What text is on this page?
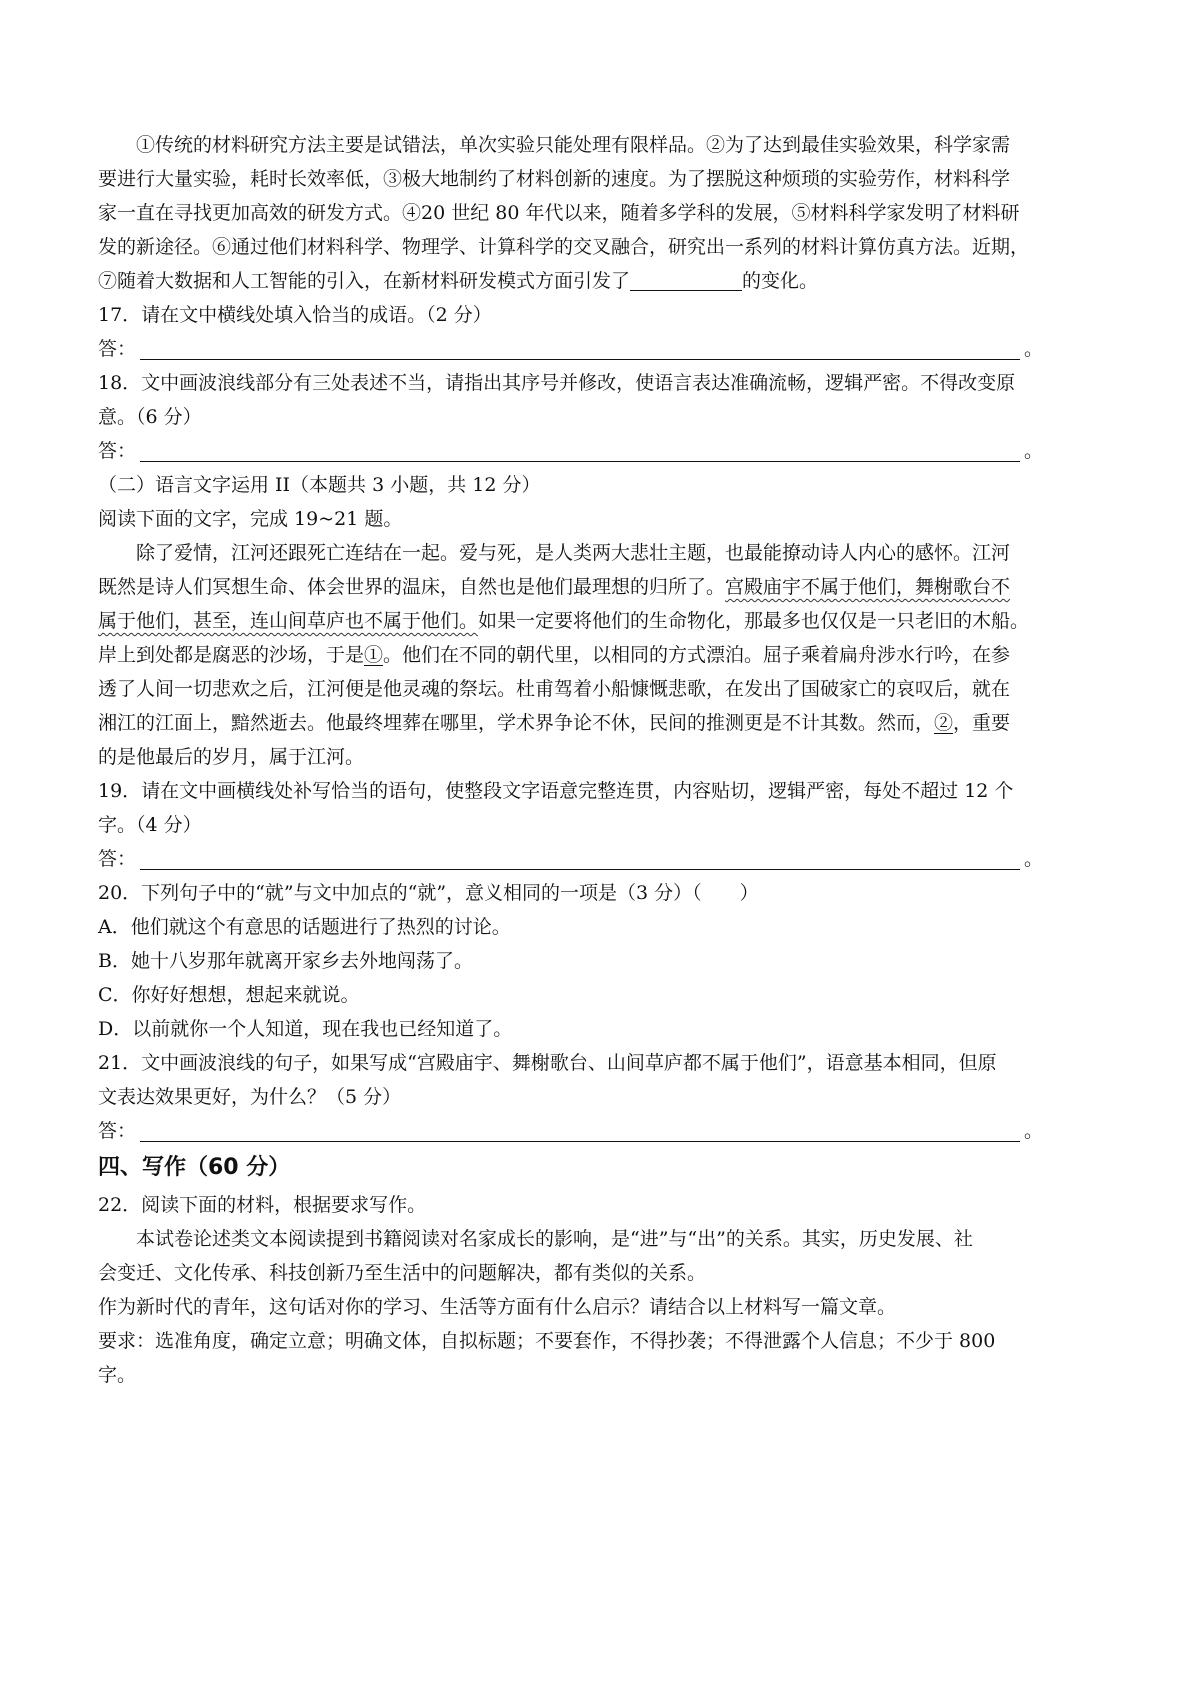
①传统的材料研究方法主要是试错法，单次实验只能处理有限样品。②为了达到最佳实验效果，科学家需
要进行大量实验，耗时长效率低，③极大地制约了材料创新的速度。为了摆脱这种烦琐的实验劳作，材料科学
家一直在寻找更加高效的研发方式。④20 世纪 80 年代以来，随着多学科的发展，⑤材料科学家发明了材料研
发的新途径。⑥通过他们材料科学、物理学、计算科学的交叉融合，研究出一系列的材料计算仿真方法。近期，
⑦随着大数据和人工智能的引入，在新材料研发模式方面引发了	的变化。
17．请在文中横线处填入恰当的成语。（2 分）
答：	。
18．文中画波浪线部分有三处表述不当，请指出其序号并修改，使语言表达准确流畅，逻辑严密。不得改变原
意。（6 分）
答：	。
（二）语言文字运用 II（本题共 3 小题，共 12 分）
阅读下面的文字，完成 19~21 题。
除了爱情，江河还跟死亡连结在一起。爱与死，是人类两大悲壮主题，也最能撩动诗人内心的感怀。江河
既然是诗人们冥想生命、体会世界的温床，自然也是他们最理想的归所了。宫殿庙宇不属于他们，舞榭歌台不
属于他们，甚至，连山间草庐也不属于他们。如果一定要将他们的生命物化，那最多也仅仅是一只老旧的木船。
岸上到处都是腐恶的沙场，于是①。他们在不同的朝代里，以相同的方式漂泊。屈子乘着扁舟涉水行吟，在参
透了人间一切悲欢之后，江河便是他灵魂的祭坛。杜甫驾着小船慷慨悲歌，在发出了国破家亡的哀叹后，就在
湘江的江面上，黯然逝去。他最终埋葬在哪里，学术界争论不休，民间的推测更是不计其数。然而，②，重要
的是他最后的岁月，属于江河。
19．请在文中画横线处补写恰当的语句，使整段文字语意完整连贯，内容贴切，逻辑严密，每处不超过 12 个
字。（4 分）
答：	。
20．下列句子中的“就”与文中加点的“就”，意义相同的一项是（3 分）（　　）
A．他们就这个有意思的话题进行了热烈的讨论。
B．她十八岁那年就离开家乡去外地闯荡了。
C．你好好想想，想起来就说。
D．以前就你一个人知道，现在我也已经知道了。
21．文中画波浪线的句子，如果写成“宫殿庙宇、舞榭歌台、山间草庐都不属于他们”，语意基本相同，但原
文表达效果更好，为什么？（5 分）
答：	。
四、写作（60 分）
22．阅读下面的材料，根据要求写作。
本试卷论述类文本阅读提到书籍阅读对名家成长的影响，是“进”与“出”的关系。其实，历史发展、社
会变迁、文化传承、科技创新乃至生活中的问题解决，都有类似的关系。
作为新时代的青年，这句话对你的学习、生活等方面有什么启示？请结合以上材料写一篇文章。
要求：选准角度，确定立意；明确文体，自拟标题；不要套作，不得抄袭；不得泄露个人信息；不少于 800
字。
